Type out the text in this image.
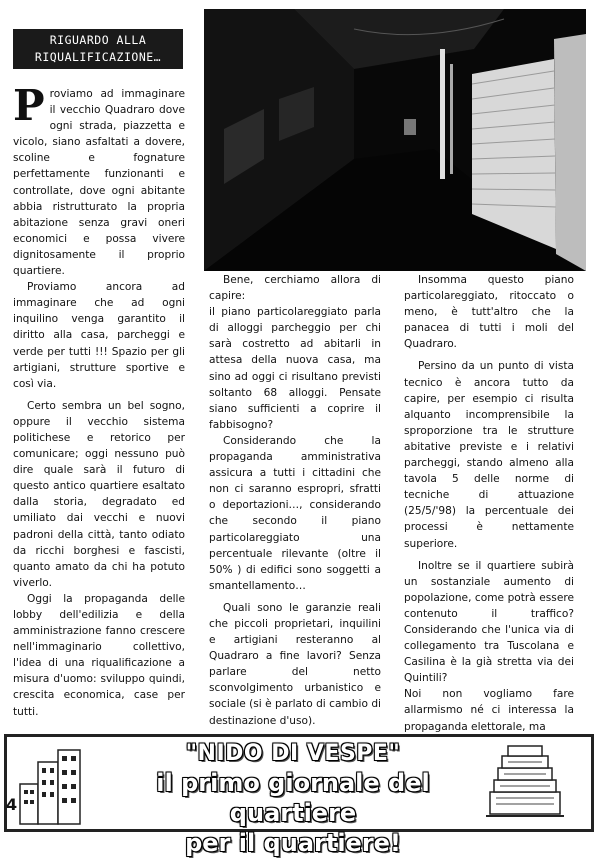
RIGUARDO ALLA
RIQUALIFICAZIONE…

Proviamo ad immaginare il vecchio Quadraro dove ogni strada, piazzetta e vicolo, siano asfaltati a dovere, scoline e fognature perfettamente funzionanti e controllate, dove ogni abitante abbia ristrutturato la propria abitazione senza gravi oneri economici e possa vivere dignitosamente il proprio quartiere.

Proviamo ancora ad immaginare che ad ogni inquilino venga garantito il diritto alla casa, parcheggi e verde per tutti !!! Spazio per gli artigiani, strutture sportive e così via.

Certo sembra un bel sogno, oppure il vecchio sistema politichese e retorico per comunicare; oggi nessuno può dire quale sarà il futuro di questo antico quartiere esaltato dalla storia, degradato ed umiliato dai vecchi e nuovi padroni della città, tanto odiato da ricchi borghesi e fascisti, quanto amato da chi ha potuto viverlo.

Oggi la propaganda delle lobby dell'edilizia e della amministrazione fanno crescere nell'immaginario collettivo, l'idea di una riqualificazione a misura d'uomo: sviluppo quindi, crescita economica, case per tutti.

Bene, cerchiamo allora di capire:

il piano particolareggiato parla di alloggi parcheggio per chi sarà costretto ad abitarli in attesa della nuova casa, ma sino ad oggi ci risultano previsti soltanto 68 alloggi. Pensate siano sufficienti a coprire il fabbisogno?

Considerando che la propaganda amministrativa assicura a tutti i cittadini che non ci saranno espropri, sfratti o deportazioni…, considerando che secondo il piano particolareggiato una percentuale rilevante (oltre il 50% ) di edifici sono soggetti a smantellamento…

Quali sono le garanzie reali che piccoli proprietari, inquilini e artigiani resteranno al Quadraro a fine lavori? Senza parlare del netto sconvolgimento urbanistico e sociale (si è parlato di cambio di destinazione d'uso).

Insomma questo piano particolareggiato, ritoccato o meno, è tutt'altro che la panacea di tutti i moli del Quadraro.

Persino da un punto di vista tecnico è ancora tutto da capire, per esempio ci risulta alquanto incomprensibile la sproporzione tra le strutture abitative previste e i relativi parcheggi, stando almeno alla tavola 5 delle norme di tecniche di attuazione (25/5/'98) la percentuale dei processi è nettamente superiore.

Inoltre se il quartiere subirà un sostanziale aumento di popolazione, come potrà essere contenuto il traffico? Considerando che l'unica via di collegamento tra Tuscolana e Casilina è la già stretta via dei Quintili?

Noi non vogliamo fare allarmismo né ci interessa la propaganda elettorale, ma

"NIDO DI VESPE"
il primo giornale del quartiere
per il quartiere!
4
